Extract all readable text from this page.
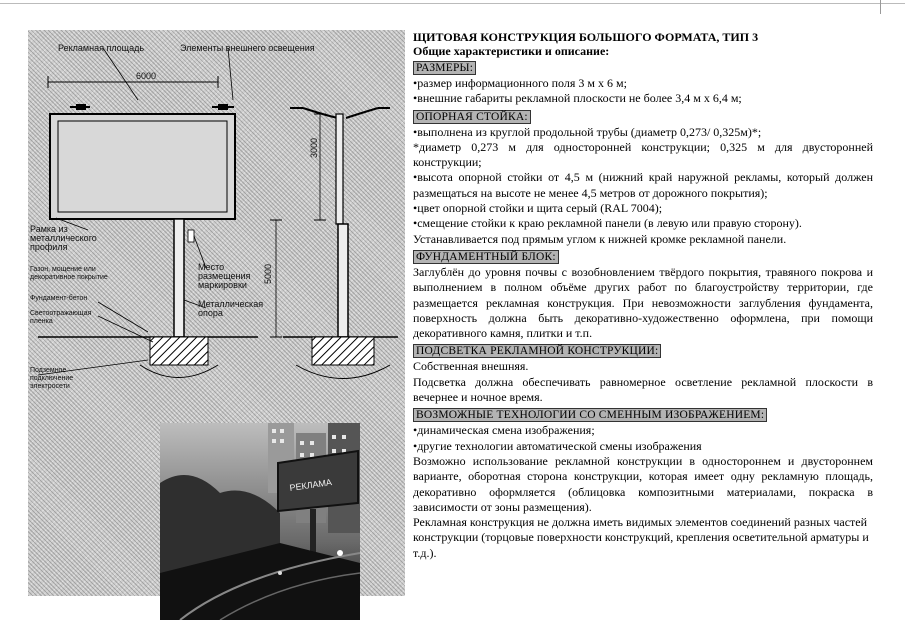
Рекламная площадь	Элементы внешнего освещения
6000
3000
5000
Рамка из металлического профиля
Газон, мощение или декоративное покрытие
Фундамент-бетон
Светоотражающая пленка
Место размещения маркировки
Металлическая опора
Подземное подключение электросети
РЕКЛАМА

ЩИТОВАЯ КОНСТРУКЦИЯ БОЛЬШОГО ФОРМАТА, ТИП 3

Общие характеристики и описание:

РАЗМЕРЫ:

•размер информационного поля 3 м х 6 м;

•внешние габариты рекламной плоскости не более 3,4 м х 6,4 м;

ОПОРНАЯ СТОЙКА:

•выполнена из круглой продольной трубы (диаметр 0,273/ 0,325м)*;

*диаметр 0,273 м для односторонней конструкции; 0,325 м для двусторонней конструкции;

•высота опорной стойки от 4,5 м (нижний край наружной рекламы, который должен размещаться на высоте не менее 4,5 метров от дорожного покрытия);

•цвет опорной стойки и щита серый (RAL 7004);

•смещение стойки к краю рекламной панели (в левую или правую сторону).

Устанавливается под прямым углом к нижней кромке рекламной панели.

ФУНДАМЕНТНЫЙ БЛОК:

Заглублён до уровня почвы с возобновлением твёрдого покрытия, травяного покрова и выполнением в полном объёме других работ по благоустройству территории, где размещается рекламная конструкция. При невозможности заглубления фундамента, поверхность должна быть декоративно-художественно оформлена, при помощи декоративного камня, плитки и т.п.

ПОДСВЕТКА РЕКЛАМНОЙ КОНСТРУКЦИИ:

Собственная внешняя.

Подсветка должна обеспечивать равномерное осветление рекламной плоскости в вечернее и ночное время.

ВОЗМОЖНЫЕ ТЕХНОЛОГИИ СО СМЕННЫМ ИЗОБРАЖЕНИЕМ:

•динамическая смена изображения;

•другие технологии автоматической смены изображения

Возможно использование рекламной конструкции в одностороннем и двустороннем варианте, оборотная сторона конструкции, которая имеет одну рекламную площадь, декоративно оформляется (облицовка композитными материалами, покраска в зависимости от зоны размещения).

Рекламная конструкция не должна иметь видимых элементов соединений разных частей конструкции (торцовые поверхности конструкций, крепления осветительной арматуры и т.д.).
